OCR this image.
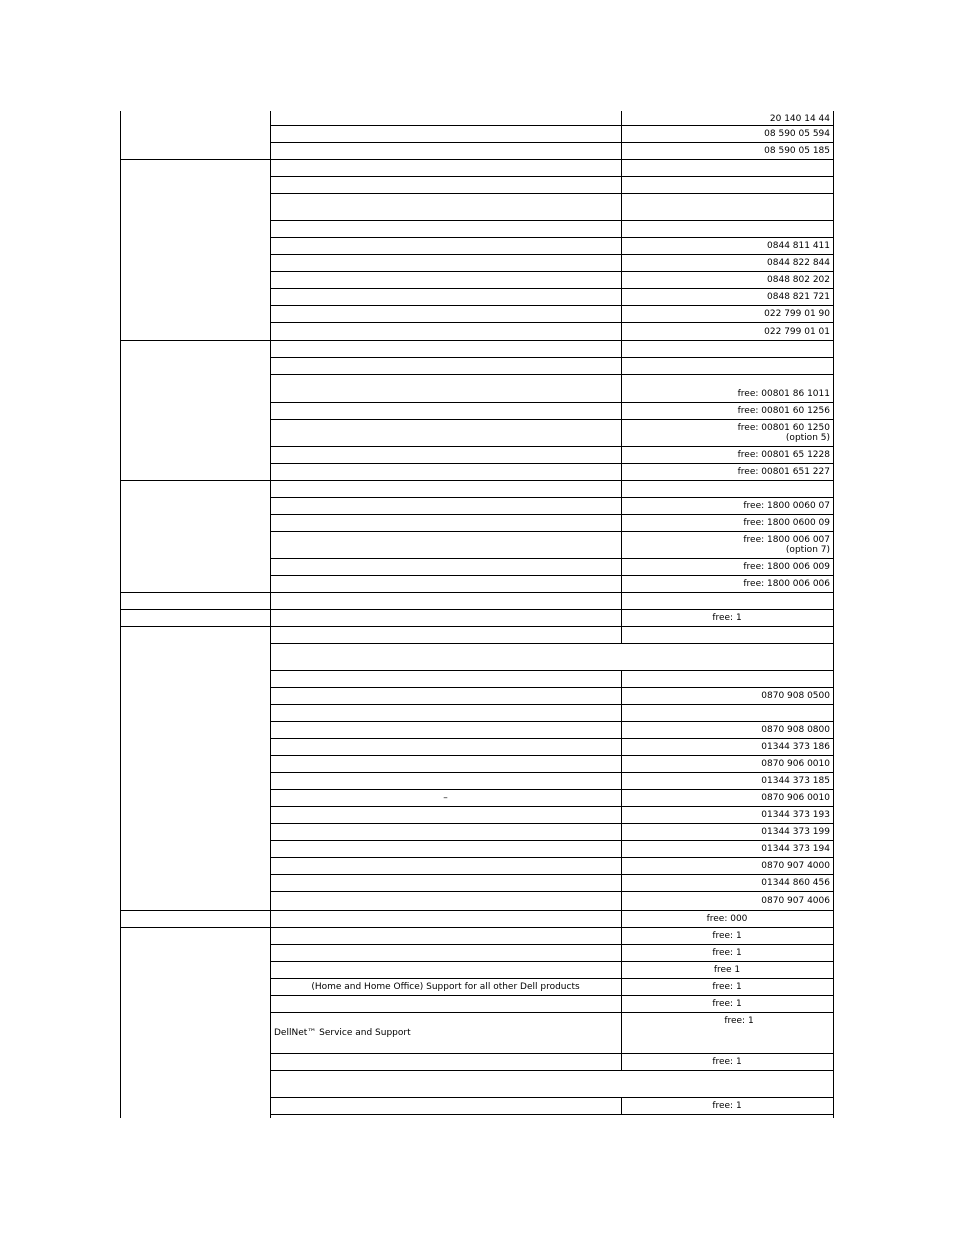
20 140 14 44
08 590 05 594
08 590 05 185
0844 811 411
0844 822 844
0848 802 202
0848 821 721
022 799 01 90
022 799 01 01
free: 00801 86 1011
free: 00801 60 1256
free: 00801 60 1250
(option 5)
free: 00801 65 1228
free: 00801 651 227
free: 1800 0060 07
free: 1800 0600 09
free: 1800 006 007
(option 7)
free: 1800 006 009
free: 1800 006 006
free: 1
0870 908 0500
0870 908 0800
01344 373 186
0870 906 0010
01344 373 185
–	0870 906 0010
01344 373 193
01344 373 199
01344 373 194
0870 907 4000
01344 860 456
0870 907 4006
free: 000
free: 1
free: 1
free 1
(Home and Home Office) Support for all other Dell products	free: 1
free: 1
DellNet™ Service and Support
free: 1
free: 1
free: 1
